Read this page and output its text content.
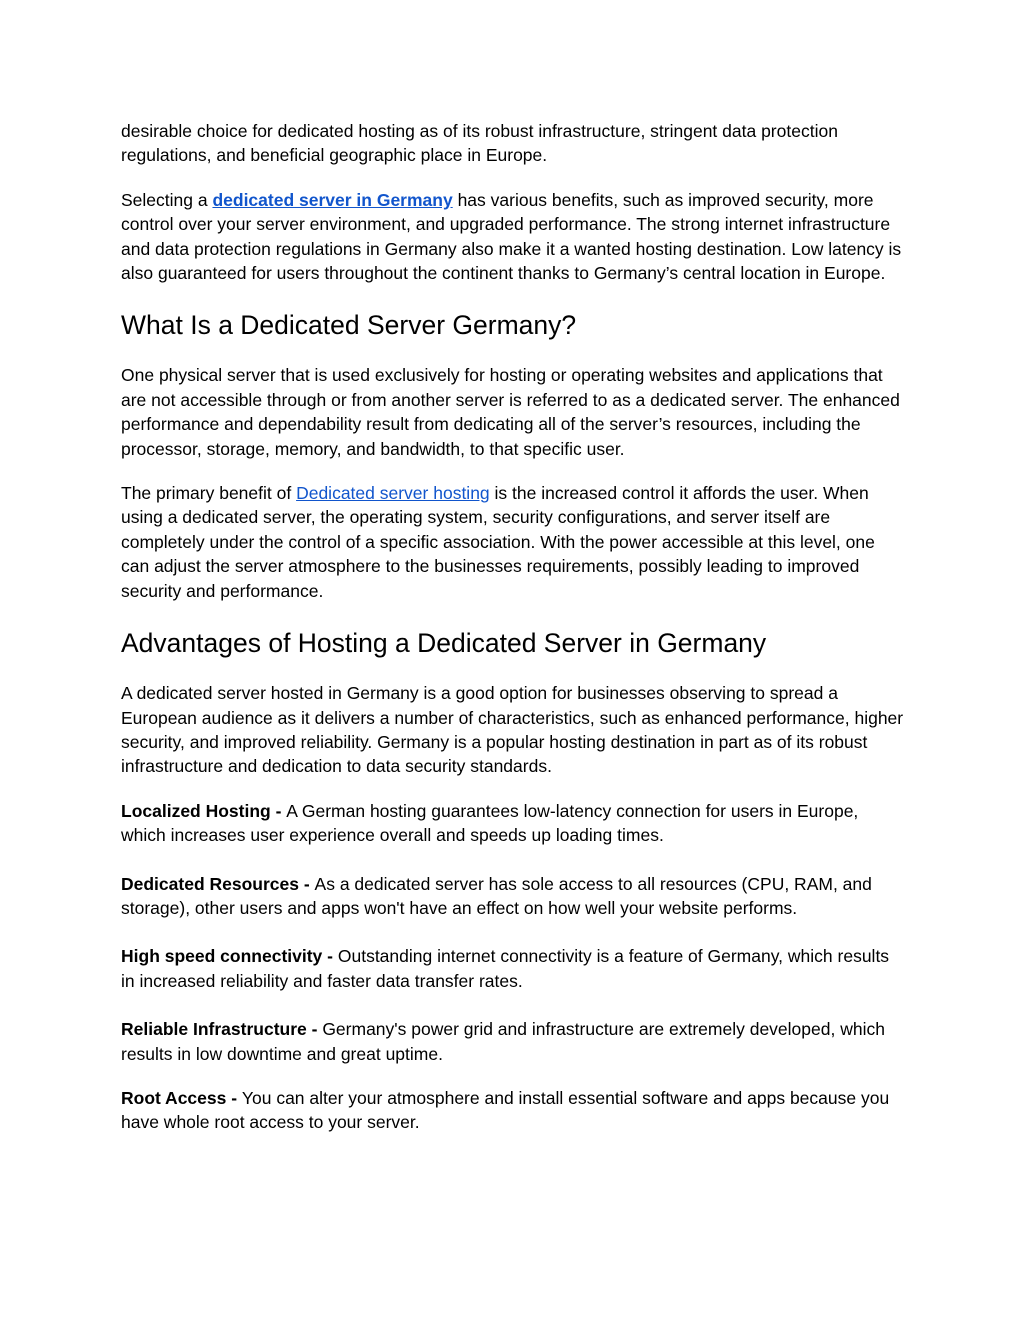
desirable choice for dedicated hosting as of its robust infrastructure, stringent data protection regulations, and beneficial geographic place in Europe.

Selecting a dedicated server in Germany has various benefits, such as improved security, more control over your server environment, and upgraded performance. The strong internet infrastructure and data protection regulations in Germany also make it a wanted hosting destination. Low latency is also guaranteed for users throughout the continent thanks to Germany’s central location in Europe.

What Is a Dedicated Server Germany?

One physical server that is used exclusively for hosting or operating websites and applications that are not accessible through or from another server is referred to as a dedicated server. The enhanced performance and dependability result from dedicating all of the server’s resources, including the processor, storage, memory, and bandwidth, to that specific user.

The primary benefit of Dedicated server hosting is the increased control it affords the user. When using a dedicated server, the operating system, security configurations, and server itself are completely under the control of a specific association. With the power accessible at this level, one can adjust the server atmosphere to the businesses requirements, possibly leading to improved security and performance.

Advantages of Hosting a Dedicated Server in Germany

A dedicated server hosted in Germany is a good option for businesses observing to spread a European audience as it delivers a number of characteristics, such as enhanced performance, higher security, and improved reliability. Germany is a popular hosting destination in part as of its robust infrastructure and dedication to data security standards.

Localized Hosting - A German hosting guarantees low-latency connection for users in Europe, which increases user experience overall and speeds up loading times.

Dedicated Resources - As a dedicated server has sole access to all resources (CPU, RAM, and storage), other users and apps won't have an effect on how well your website performs.

High speed connectivity - Outstanding internet connectivity is a feature of Germany, which results in increased reliability and faster data transfer rates.

Reliable Infrastructure - Germany's power grid and infrastructure are extremely developed, which results in low downtime and great uptime.

Root Access - You can alter your atmosphere and install essential software and apps because you have whole root access to your server.
